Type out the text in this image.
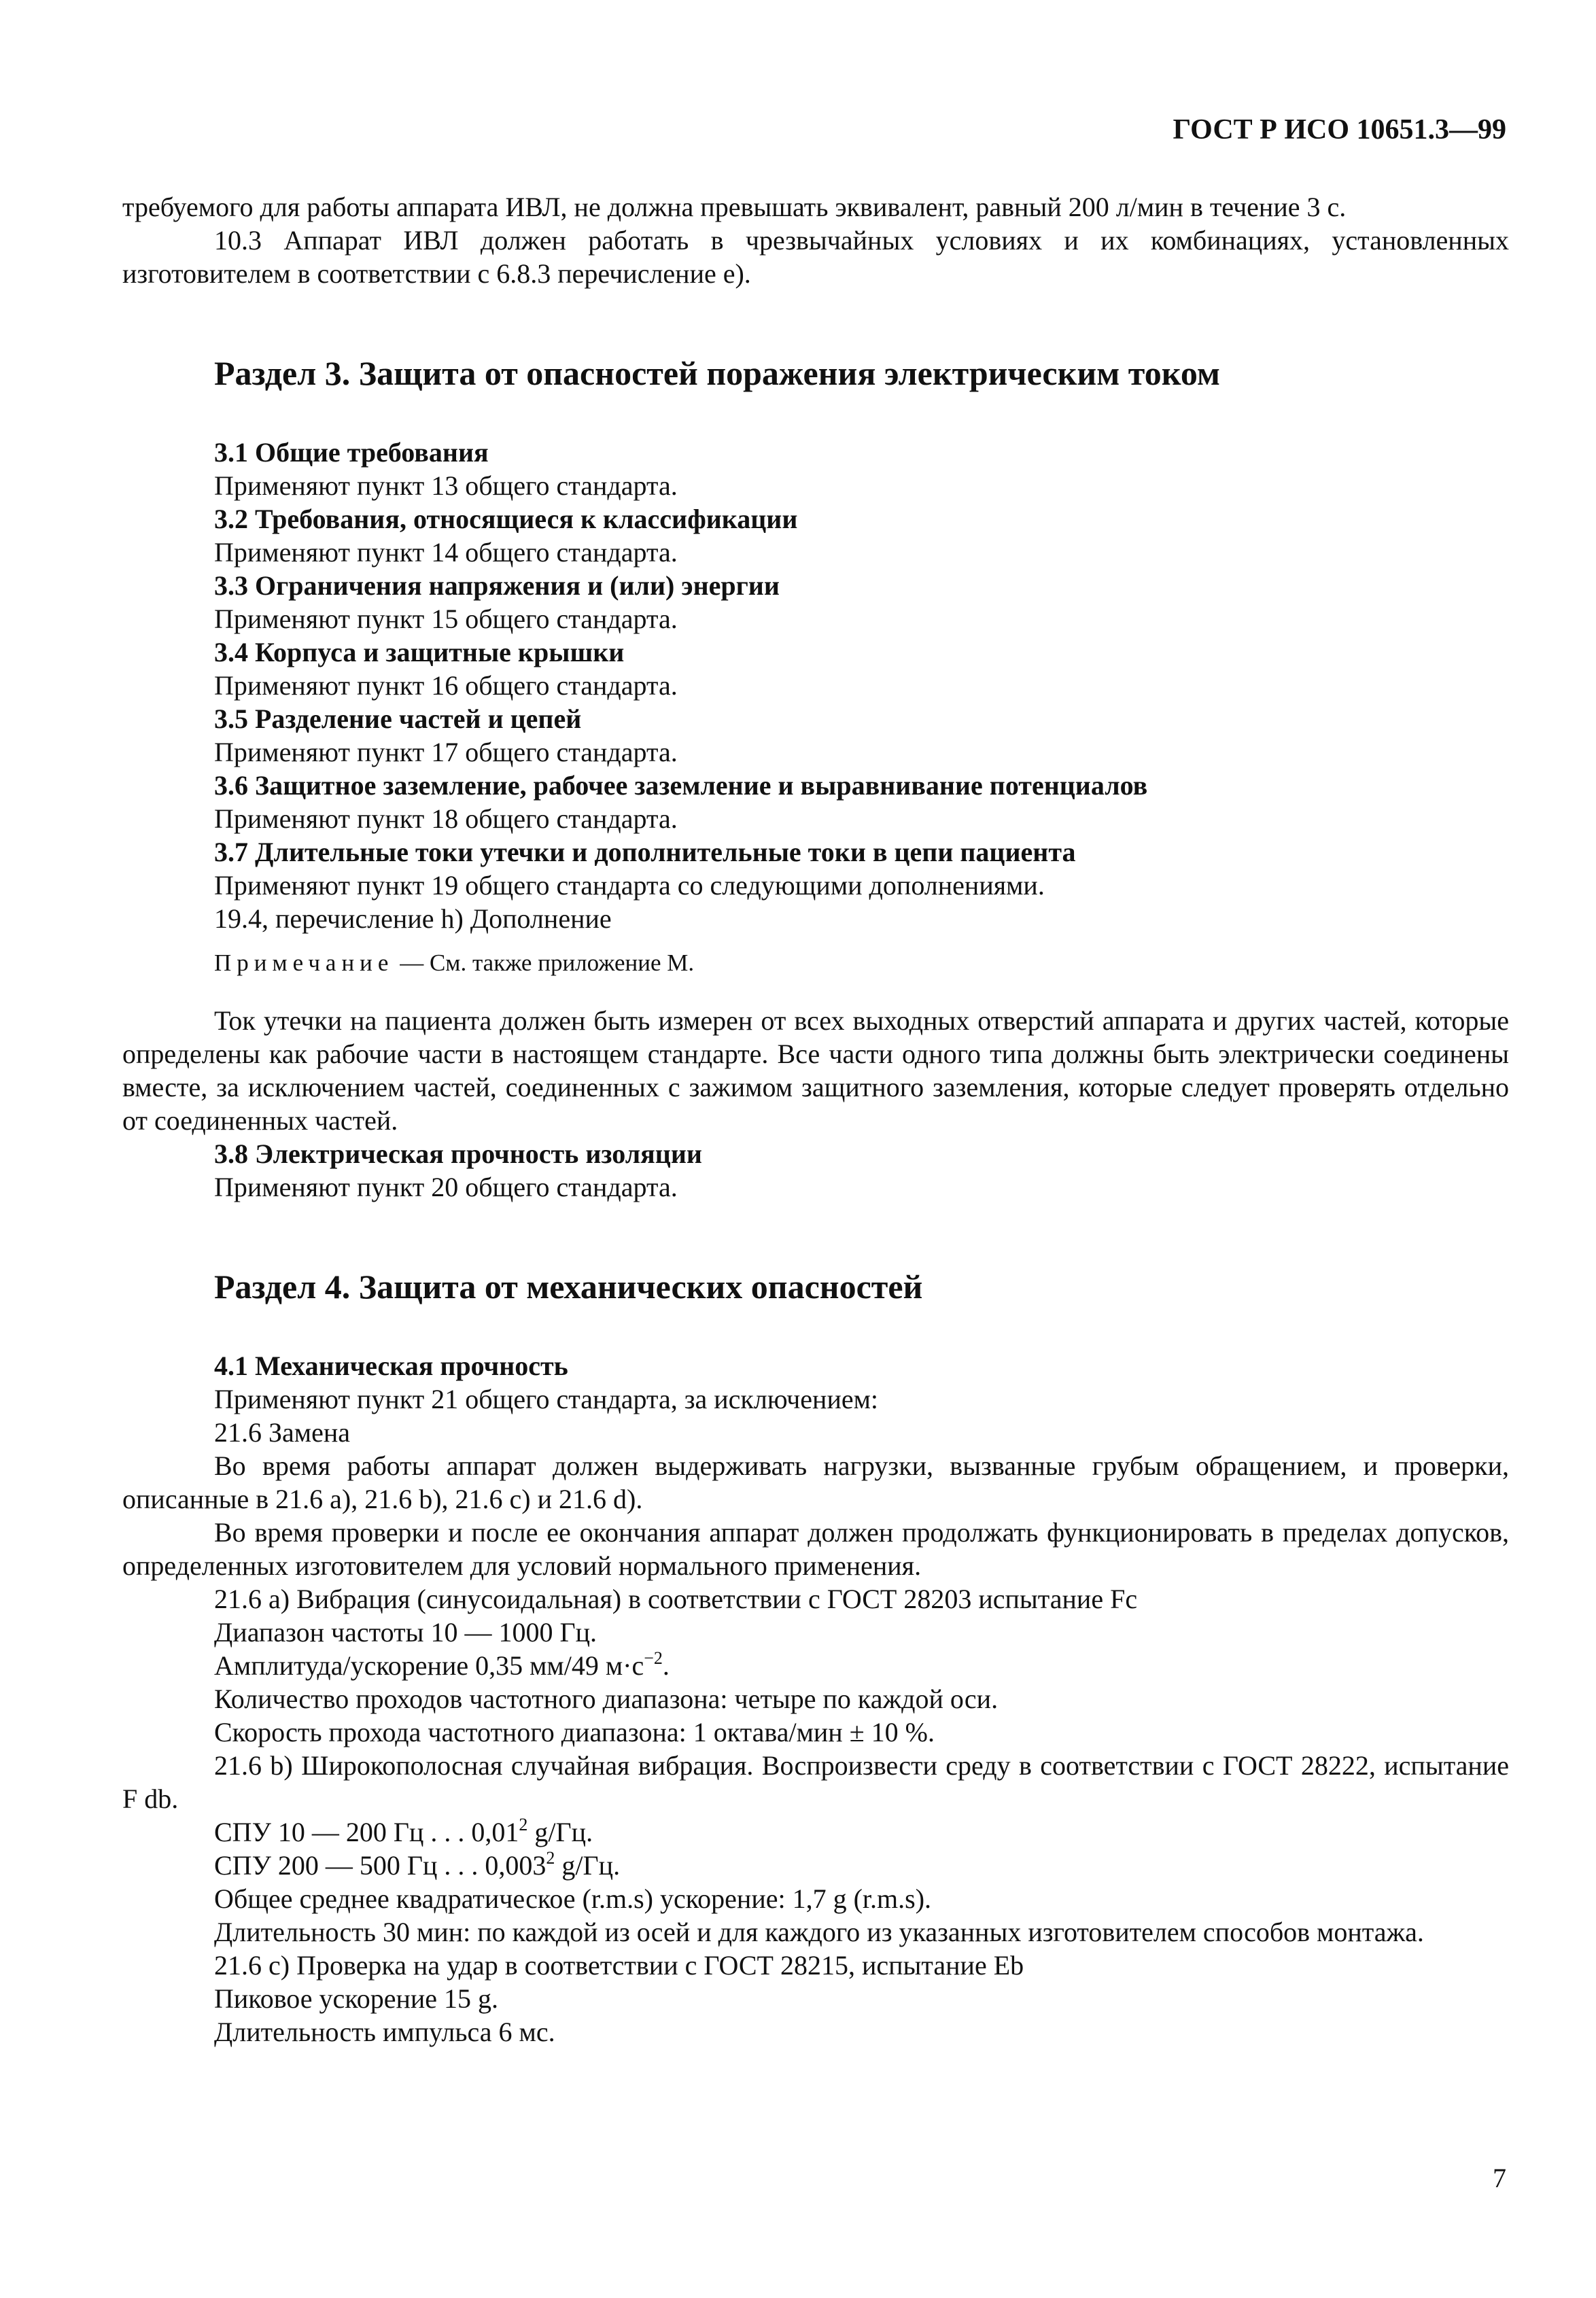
ГОСТ Р ИСО 10651.3—99

требуемого для работы аппарата ИВЛ, не должна превышать эквивалент, равный 200 л/мин в течение 3 с.

10.3 Аппарат ИВЛ должен работать в чрезвычайных условиях и их комбинациях, установленных изготовителем в соответствии с 6.8.3 перечисление е).

Раздел 3. Защита от опасностей поражения электрическим током

3.1 Общие требования

Применяют пункт 13 общего стандарта.

3.2 Требования, относящиеся к классификации

Применяют пункт 14 общего стандарта.

3.3 Ограничения напряжения и (или) энергии

Применяют пункт 15 общего стандарта.

3.4 Корпуса и защитные крышки

Применяют пункт 16 общего стандарта.

3.5 Разделение частей и цепей

Применяют пункт 17 общего стандарта.

3.6 Защитное заземление, рабочее заземление и выравнивание потенциалов

Применяют пункт 18 общего стандарта.

3.7 Длительные токи утечки и дополнительные токи в цепи пациента

Применяют пункт 19 общего стандарта со следующими дополнениями.

19.4, перечисление h) Дополнение

Примечание — См. также приложение М.

Ток утечки на пациента должен быть измерен от всех выходных отверстий аппарата и других частей, которые определены как рабочие части в настоящем стандарте. Все части одного типа должны быть электрически соединены вместе, за исключением частей, соединенных с зажимом защитного заземления, которые следует проверять отдельно от соединенных частей.

3.8 Электрическая прочность изоляции

Применяют пункт 20 общего стандарта.

Раздел 4. Защита от механических опасностей

4.1 Механическая прочность

Применяют пункт 21 общего стандарта, за исключением:

21.6 Замена

Во время работы аппарат должен выдерживать нагрузки, вызванные грубым обращением, и проверки, описанные в 21.6 а), 21.6 b), 21.6 c) и 21.6 d).

Во время проверки и после ее окончания аппарат должен продолжать функционировать в пределах допусков, определенных изготовителем для условий нормального применения.

21.6 а) Вибрация (синусоидальная) в соответствии с ГОСТ 28203 испытание Fc

Диапазон частоты 10 — 1000 Гц.

Амплитуда/ускорение 0,35 мм/49 $м\cdot с^{-2}$.

Количество проходов частотного диапазона: четыре по каждой оси.

Скорость прохода частотного диапазона: 1 октава/мин ± 10 %.

21.6 b) Широкополосная случайная вибрация. Воспроизвести среду в соответствии с ГОСТ 28222, испытание F db.

СПУ 10 — 200 Гц . . . 0,01$^2$ g/Гц.

СПУ 200 — 500 Гц . . . 0,003$^2$ g/Гц.

Общее среднее квадратическое (r.m.s) ускорение: 1,7 g (r.m.s).

Длительность 30 мин: по каждой из осей и для каждого из указанных изготовителем способов монтажа.

21.6 c) Проверка на удар в соответствии с ГОСТ 28215, испытание Eb

Пиковое ускорение 15 g.

Длительность импульса 6 мс.

7
